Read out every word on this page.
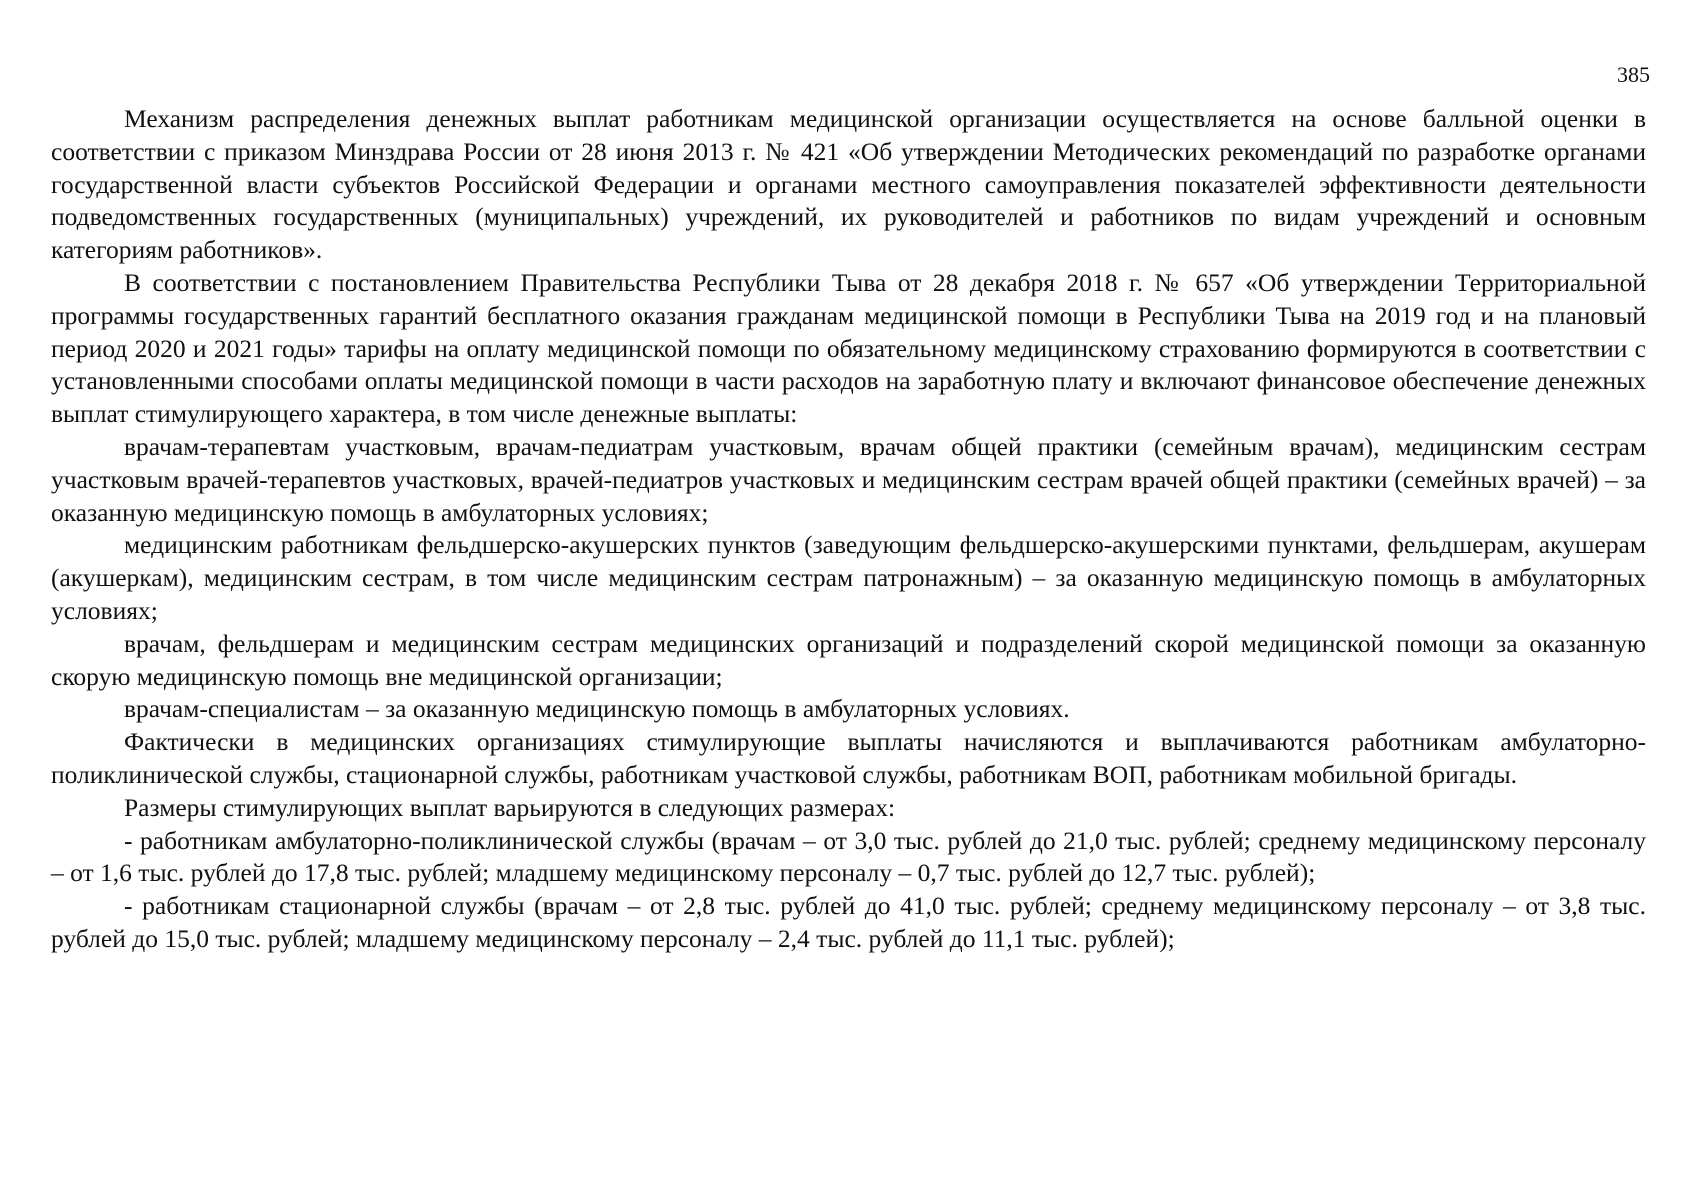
385

Механизм распределения денежных выплат работникам медицинской организации осуществляется на основе балльной оценки в соответствии с приказом Минздрава России от 28 июня 2013 г. № 421 «Об утверждении Методических рекомендаций по разработке органами государственной власти субъектов Российской Федерации и органами местного самоуправления показателей эффективности деятельности подведомственных государственных (муниципальных) учреждений, их руководителей и работников по видам учреждений и основным категориям работников».

В соответствии с постановлением Правительства Республики Тыва от 28 декабря 2018 г. № 657 «Об утверждении Территориальной программы государственных гарантий бесплатного оказания гражданам медицинской помощи в Республики Тыва на 2019 год и на плановый период 2020 и 2021 годы» тарифы на оплату медицинской помощи по обязательному медицинскому страхованию формируются в соответствии с установленными способами оплаты медицинской помощи в части расходов на заработную плату и включают финансовое обеспечение денежных выплат стимулирующего характера, в том числе денежные выплаты:

врачам-терапевтам участковым, врачам-педиатрам участковым, врачам общей практики (семейным врачам), медицинским сестрам участковым врачей-терапевтов участковых, врачей-педиатров участковых и медицинским сестрам врачей общей практики (семейных врачей) – за оказанную медицинскую помощь в амбулаторных условиях;

медицинским работникам фельдшерско-акушерских пунктов (заведующим фельдшерско-акушерскими пунктами, фельдшерам, акушерам (акушеркам), медицинским сестрам, в том числе медицинским сестрам патронажным) – за оказанную медицинскую помощь в амбулаторных условиях;

врачам, фельдшерам и медицинским сестрам медицинских организаций и подразделений скорой медицинской помощи за оказанную скорую медицинскую помощь вне медицинской организации;

врачам-специалистам – за оказанную медицинскую помощь в амбулаторных условиях.

Фактически в медицинских организациях стимулирующие выплаты начисляются и выплачиваются работникам амбулаторно-поликлинической службы, стационарной службы, работникам участковой службы, работникам ВОП, работникам мобильной бригады.

Размеры стимулирующих выплат варьируются в следующих размерах:

- работникам амбулаторно-поликлинической службы (врачам – от 3,0 тыс. рублей до 21,0 тыс. рублей; среднему медицинскому персоналу – от 1,6 тыс. рублей до 17,8 тыс. рублей; младшему медицинскому персоналу – 0,7 тыс. рублей до 12,7 тыс. рублей);

- работникам стационарной службы (врачам – от 2,8 тыс. рублей до 41,0 тыс. рублей; среднему медицинскому персоналу – от 3,8 тыс. рублей до 15,0 тыс. рублей; младшему медицинскому персоналу – 2,4 тыс. рублей до 11,1 тыс. рублей);
